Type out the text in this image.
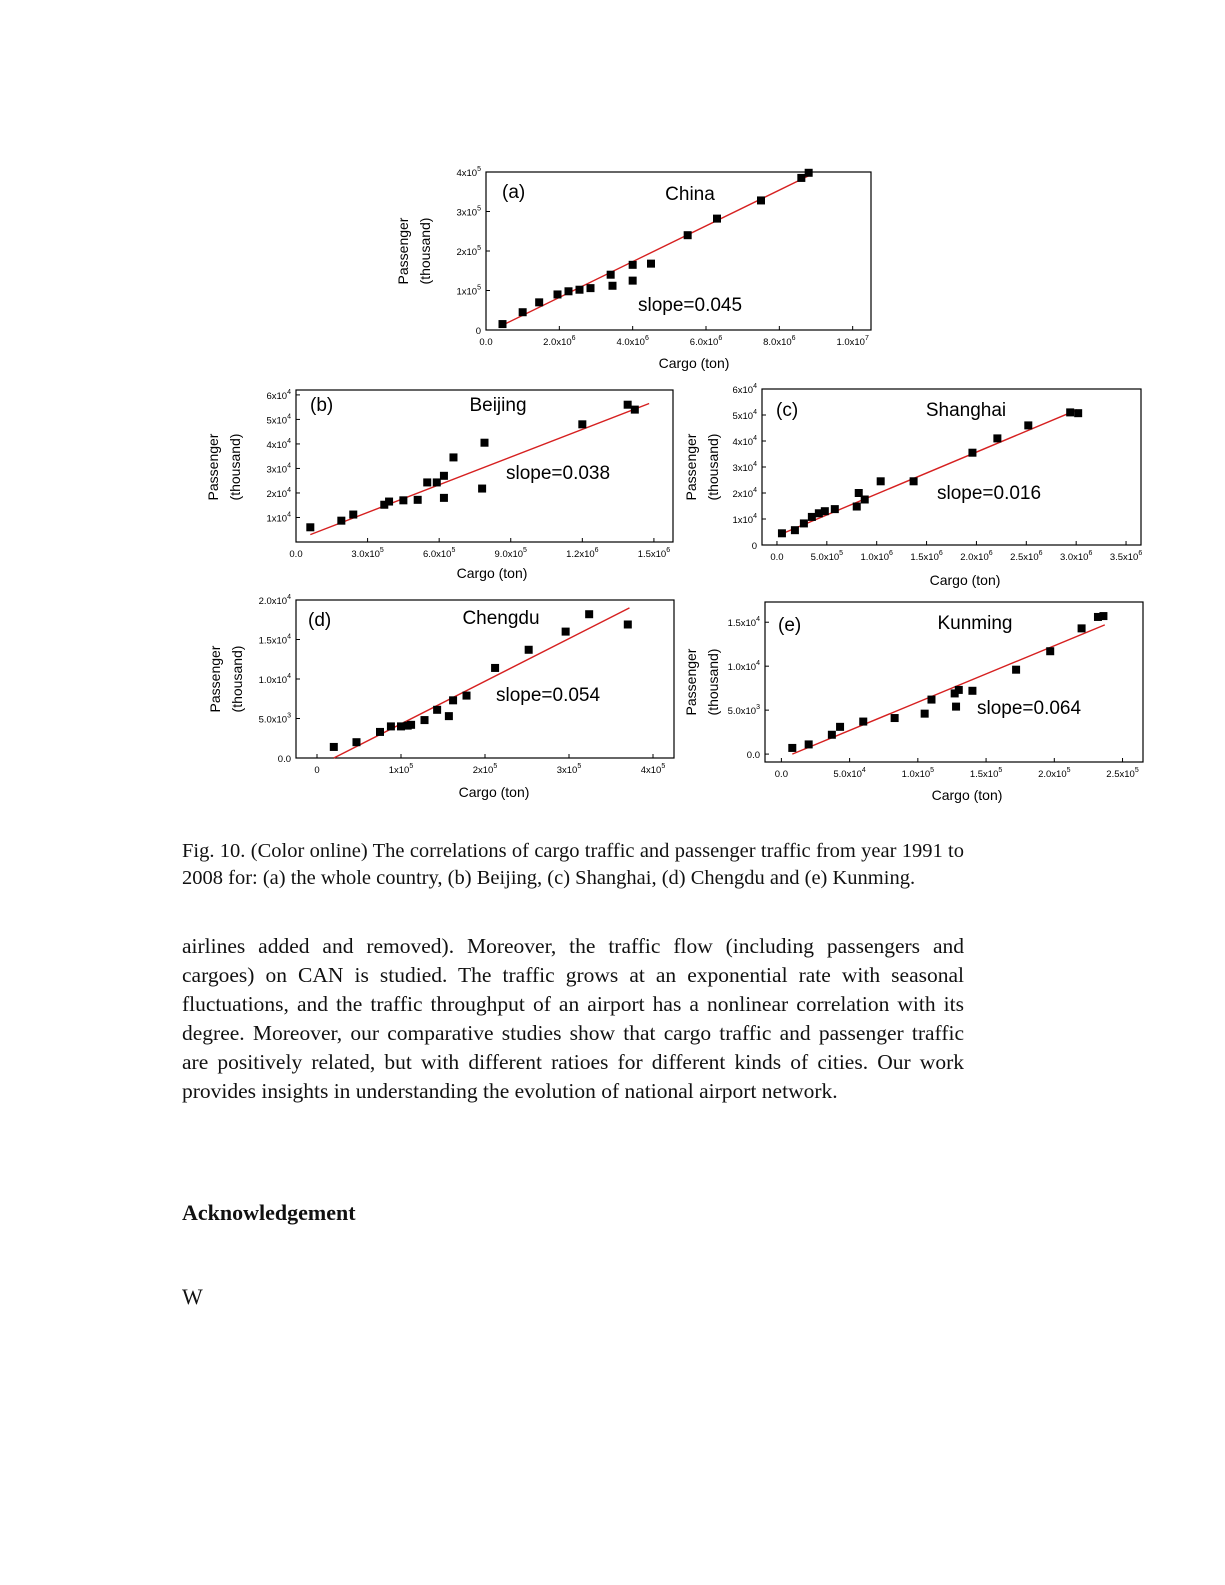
0.0	$2.0x10^6$	$4.0x10^6$	$6.0x10^6$	$8.0x10^6$	$1.0x10^7$
0
$1x10^5$
$2x10^5$
$3x10^5$
$4x10^5$
(a)	China
slope=0.045
Cargo (ton)
Passenger (thousand)
0.0	$3.0x10^5$	$6.0x10^5$	$9.0x10^5$	$1.2x10^6$	$1.5x10^6$
$1x10^4$
$2x10^4$
$3x10^4$
$4x10^4$
$5x10^4$
$6x10^4$
(b)	Beijing
slope=0.038
Cargo (ton)
Passenger (thousand)
0.0	$5.0x10^5$ $1.0x10^6$ $1.5x10^6$ $2.0x10^6$ $2.5x10^6$ $3.0x10^6$ $3.5x10^6$
0
$1x10^4$
$2x10^4$
$3x10^4$
$4x10^4$
$5x10^4$
$6x10^4$
(c)	Shanghai
slope=0.016
Cargo (ton)
Passenger (thousand)
0	$1x10^5$	$2x10^5$	$3x10^5$	$4x10^5$
0.0
$5.0x10^3$
$1.0x10^4$
$1.5x10^4$
$2.0x10^4$
(d)	Chengdu
slope=0.054
Cargo (ton)
Passenger (thousand)
0.0	$5.0x10^4$	$1.0x10^5$	$1.5x10^5$	$2.0x10^5$	$2.5x10^5$
0.0
$5.0x10^3$
$1.0x10^4$
$1.5x10^4$ (e)	Kunming
slope=0.064
Cargo (ton)
Passenger (thousand)
Fig. 10. (Color online) The correlations of cargo traffic and passenger traffic from year 1991 to 2008 for: (a) the whole country, (b) Beijing, (c) Shanghai, (d) Chengdu and (e) Kunming.
airlines added and removed). Moreover, the traffic flow (including passengers and cargoes) on CAN is studied. The traffic grows at an exponential rate with seasonal fluctuations, and the traffic throughput of an airport has a nonlinear correlation with its degree. Moreover, our comparative studies show that cargo traffic and passenger traffic are positively related, but with different ratioes for different kinds of cities. Our work provides insights in understanding the evolution of national airport network.
Acknowledgement
W
